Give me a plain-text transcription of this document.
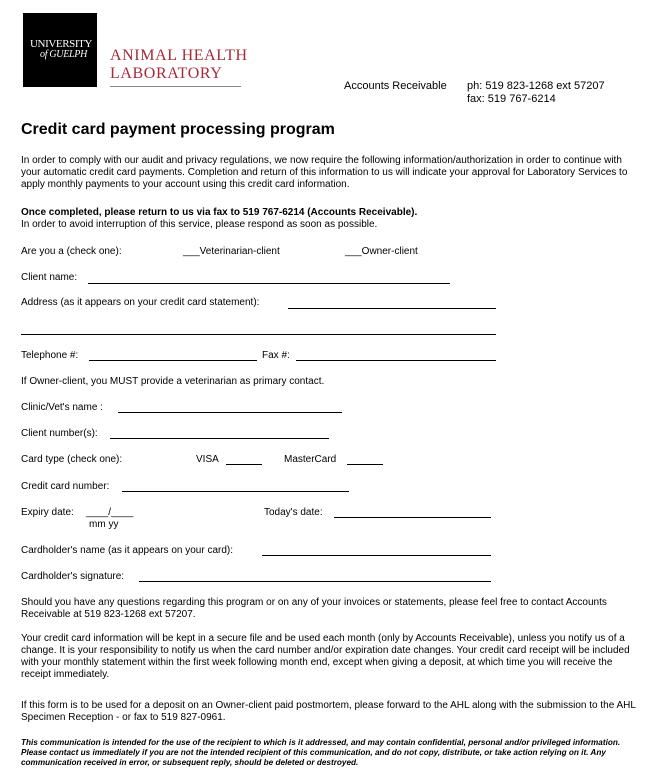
UNIVERSITY
of GUELPH ANIMAL HEALTH
LABORATORY
Accounts Receivable ph: 519 823-1268 ext 57207
fax: 519 767-6214
Credit card payment processing program
In order to comply with our audit and privacy regulations, we now require the following information/authorization in order to continue with your automatic credit card payments. Completion and return of this information to us will indicate your approval for Laboratory Services to apply monthly payments to your account using this credit card information.
Once completed, please return to us via fax to 519 767-6214 (Accounts Receivable).
In order to avoid interruption of this service, please respond as soon as possible.
Are you a (check one):	___Veterinarian-client	___Owner-client
Client name:
Address (as it appears on your credit card statement):
Telephone #:	Fax #:
If Owner-client, you MUST provide a veterinarian as primary contact.
Clinic/Vet's name :
Client number(s):
Card type (check one):	VISA	MasterCard
Credit card number:
Expiry date: ____/____
mm yy
Today's date:
Cardholder's name (as it appears on your card):
Cardholder's signature:
Should you have any questions regarding this program or on any of your invoices or statements, please feel free to contact Accounts Receivable at 519 823-1268 ext 57207.
Your credit card information will be kept in a secure file and be used each month (only by Accounts Receivable), unless you notify us of a change. It is your responsibility to notify us when the card number and/or expiration date changes. Your credit card receipt will be included with your monthly statement within the first week following month end, except when giving a deposit, at which time you will receive the receipt immediately.
If this form is to be used for a deposit on an Owner-client paid postmortem, please forward to the AHL along with the submission to the AHL Specimen Reception - or fax to 519 827-0961.
This communication is intended for the use of the recipient to which is it addressed, and may contain confidential, personal and/or privileged information. Please contact us immediately if you are not the intended recipient of this communication, and do not copy, distribute, or take action relying on it. Any communication received in error, or subsequent reply, should be deleted or destroyed.
